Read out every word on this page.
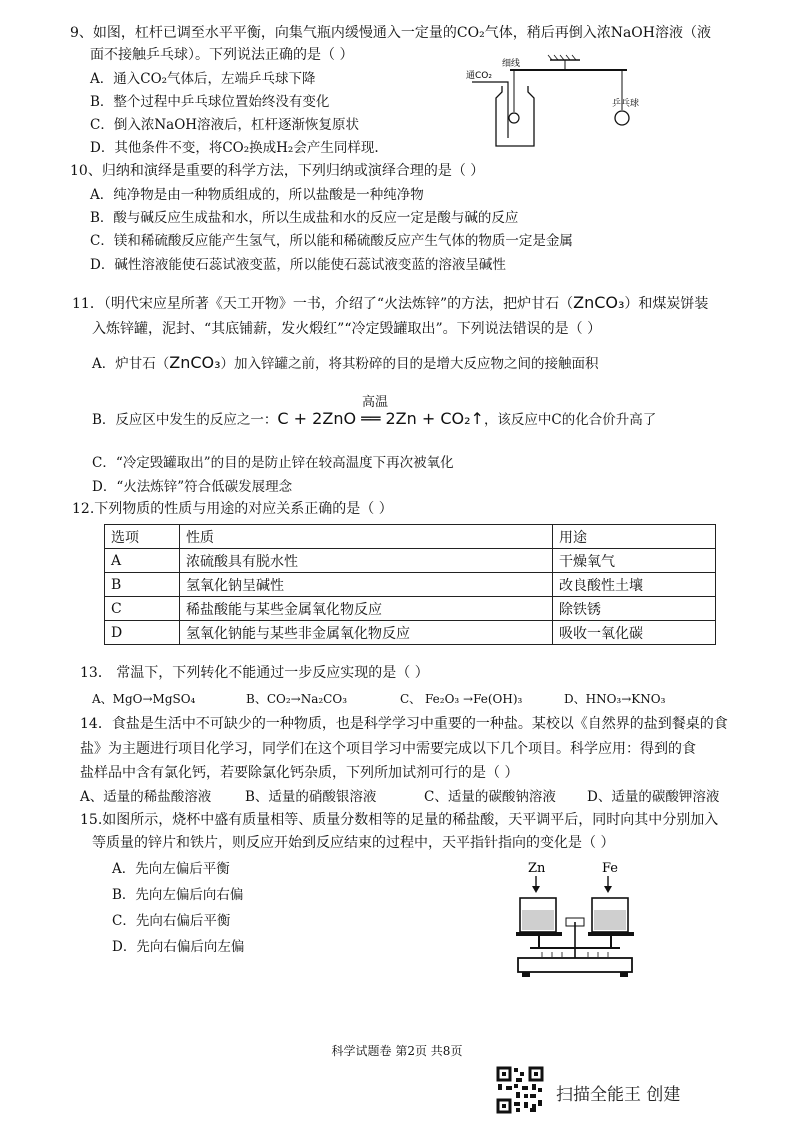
9、如图，杠杆已调至水平平衡，向集气瓶内缓慢通入一定量的CO₂气体，稍后再倒入浓NaOH溶液（液
面不接触乒乓球）。下列说法正确的是（ ）
A．通入CO₂气体后，左端乒乓球下降
B．整个过程中乒乓球位置始终没有变化
C．倒入浓NaOH溶液后，杠杆逐渐恢复原状
D．其他条件不变，将CO₂换成H₂会产生同样现.
通CO₂
细线
乒乓球
10、归纳和演绎是重要的科学方法，下列归纳或演绎合理的是（ ）
A．纯净物是由一种物质组成的，所以盐酸是一种纯净物
B．酸与碱反应生成盐和水，所以生成盐和水的反应一定是酸与碱的反应
C．镁和稀硫酸反应能产生氢气，所以能和稀硫酸反应产生气体的物质一定是金属
D．碱性溶液能使石蕊试液变蓝，所以能使石蕊试液变蓝的溶液呈碱性
11．（明代宋应星所著《天工开物》一书，介绍了“火法炼锌”的方法，把炉甘石（ZnCO₃）和煤炭饼装
入炼锌罐，泥封、“其底铺薪，发火煅红”“冷定毁罐取出”。下列说法错误的是（ ）
A．炉甘石（ZnCO₃）加入锌罐之前，将其粉碎的目的是增大反应物之间的接触面积
高温
B．反应区中发生的反应之一：C + 2ZnO ══ 2Zn + CO₂↑，该反应中C的化合价升高了
C．“冷定毁罐取出”的目的是防止锌在较高温度下再次被氧化
D．“火法炼锌”符合低碳发展理念
12.下列物质的性质与用途的对应关系正确的是（ ）
选项	性质	用途
A	浓硫酸具有脱水性	干燥氧气
B	氢氧化钠呈碱性	改良酸性土壤
C	稀盐酸能与某些金属氧化物反应	除铁锈
D	氢氧化钠能与某些非金属氧化物反应	吸收一氧化碳
13． 常温下，下列转化不能通过一步反应实现的是（ ）
A、MgO→MgSO₄	B、CO₂→Na₂CO₃	C、 Fe₂O₃ →Fe(OH)₃	D、HNO₃→KNO₃
14．食盐是生活中不可缺少的一种物质，也是科学学习中重要的一种盐。某校以《自然界的盐到餐桌的食
盐》为主题进行项目化学习，同学们在这个项目学习中需要完成以下几个项目。科学应用：得到的食
盐样品中含有氯化钙，若要除氯化钙杂质，下列所加试剂可行的是（ ）
A、适量的稀盐酸溶液	B、适量的硝酸银溶液	C、适量的碳酸钠溶液 D、适量的碳酸钾溶液
15.如图所示，烧杯中盛有质量相等、质量分数相等的足量的稀盐酸，天平调平后，同时向其中分别加入
等质量的锌片和铁片，则反应开始到反应结束的过程中，天平指针指向的变化是（ ）
A．先向左偏后平衡
B．先向左偏后向右偏
C．先向右偏后平衡
D．先向右偏后向左偏
Zn	Fe
科学试题卷 第2页 共8页
扫描全能王 创建
